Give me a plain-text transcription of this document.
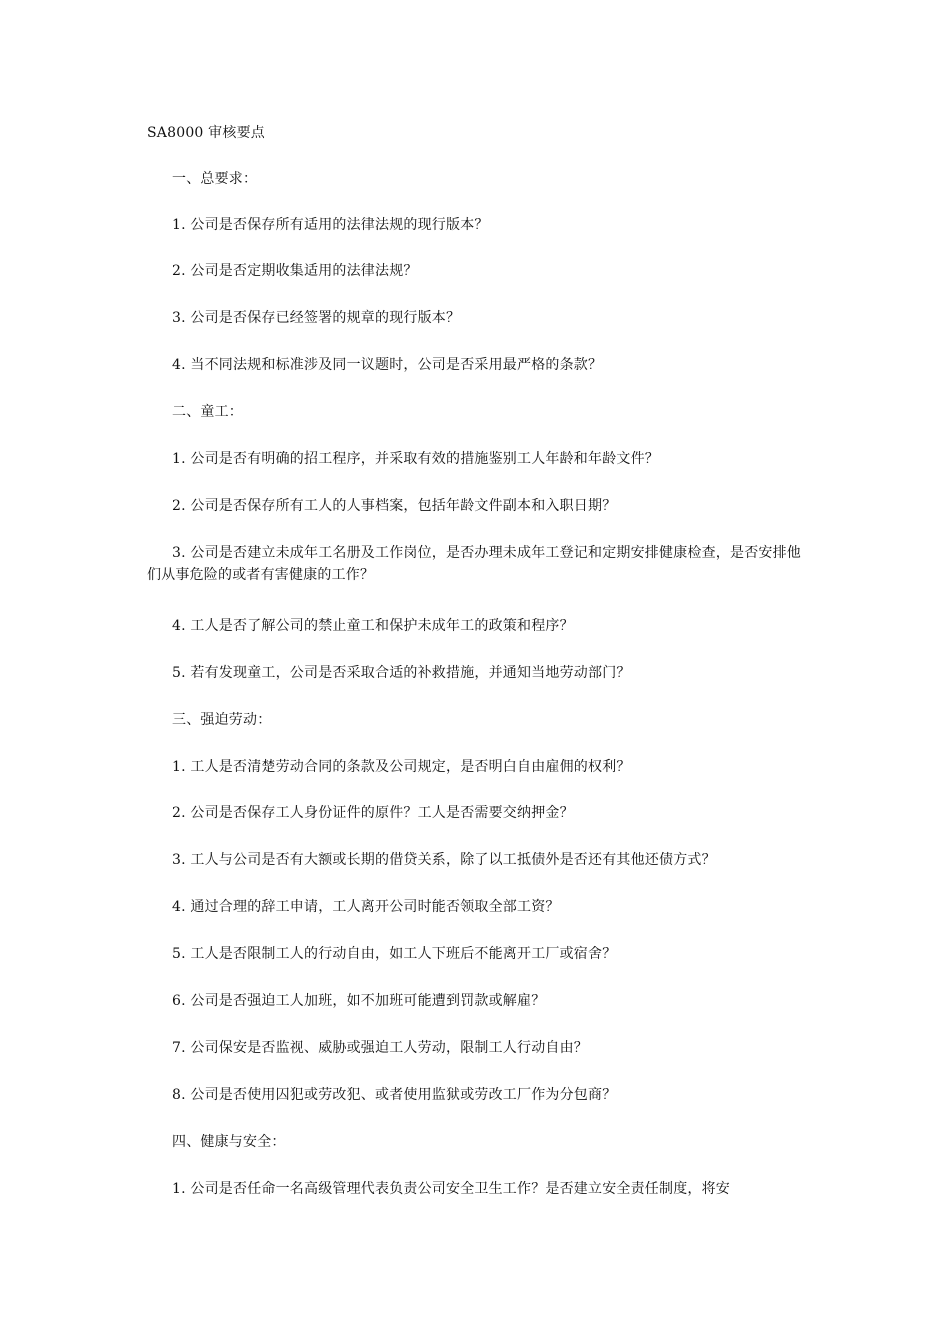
SA8000 审核要点
一、总要求：
1. 公司是否保存所有适用的法律法规的现行版本？
2. 公司是否定期收集适用的法律法规？
3. 公司是否保存已经签署的规章的现行版本？
4. 当不同法规和标准涉及同一议题时，公司是否采用最严格的条款？
二、童工：
1. 公司是否有明确的招工程序，并采取有效的措施鉴别工人年龄和年龄文件？
2. 公司是否保存所有工人的人事档案，包括年龄文件副本和入职日期？
3. 公司是否建立未成年工名册及工作岗位，是否办理未成年工登记和定期安排健康检查，是否安排他们从事危险的或者有害健康的工作？
4. 工人是否了解公司的禁止童工和保护未成年工的政策和程序？
5. 若有发现童工，公司是否采取合适的补救措施，并通知当地劳动部门？
三、强迫劳动：
1. 工人是否清楚劳动合同的条款及公司规定，是否明白自由雇佣的权利？
2. 公司是否保存工人身份证件的原件？工人是否需要交纳押金？
3. 工人与公司是否有大额或长期的借贷关系，除了以工抵债外是否还有其他还债方式？
4. 通过合理的辞工申请，工人离开公司时能否领取全部工资？
5. 工人是否限制工人的行动自由，如工人下班后不能离开工厂或宿舍？
6. 公司是否强迫工人加班，如不加班可能遭到罚款或解雇？
7. 公司保安是否监视、威胁或强迫工人劳动，限制工人行动自由？
8. 公司是否使用囚犯或劳改犯、或者使用监狱或劳改工厂作为分包商？
四、健康与安全：
1. 公司是否任命一名高级管理代表负责公司安全卫生工作？是否建立安全责任制度，将安
